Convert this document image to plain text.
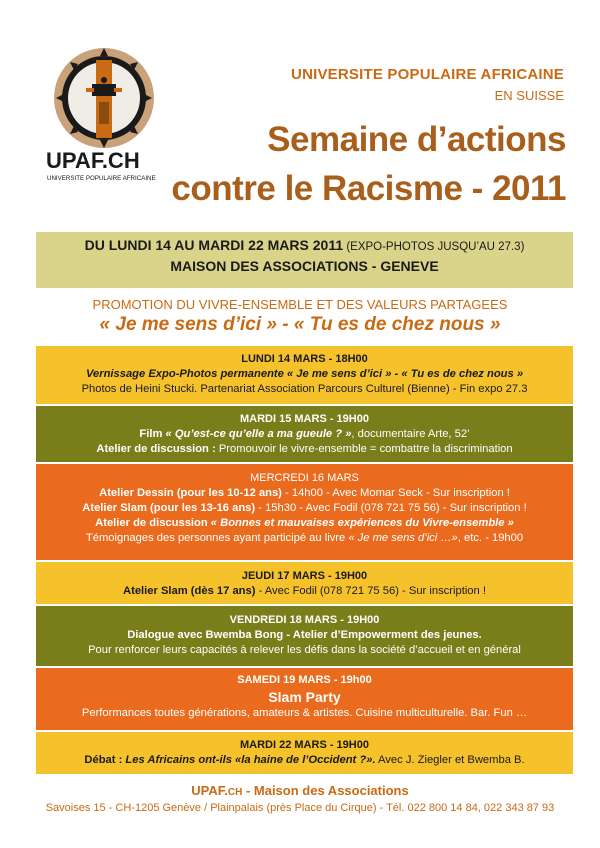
UPAF.CH
UNIVERSITE POPULAIRE AFRICAINE
UNIVERSITE POPULAIRE AFRICAINE
EN SUISSE
Semaine d’actions
contre le Racisme - 2011
DU LUNDI 14 AU MARDI 22 MARS 2011 (EXPO-PHOTOS JUSQU’AU 27.3)
MAISON DES ASSOCIATIONS - GENEVE
PROMOTION DU VIVRE-ENSEMBLE ET DES VALEURS PARTAGEES
« Je me sens d’ici » - « Tu es de chez nous »
LUNDI 14 MARS - 18H00
Vernissage Expo-Photos permanente « Je me sens d’ici » - « Tu es de chez nous »
Photos de Heini Stucki. Partenariat Association Parcours Culturel (Bienne) - Fin expo 27.3
MARDI 15 MARS - 19H00
Film « Qu’est-ce qu’elle a ma gueule ? », documentaire Arte, 52’
Atelier de discussion : Promouvoir le vivre-ensemble = combattre la discrimination
MERCREDI 16 MARS
Atelier Dessin (pour les 10-12 ans) - 14h00 - Avec Momar Seck - Sur inscription !
Atelier Slam (pour les 13-16 ans) - 15h30 - Avec Fodil (078 721 75 56) - Sur inscription !
Atelier de discussion « Bonnes et mauvaises expériences du Vivre-ensemble »
Témoignages des personnes ayant participé au livre « Je me sens d’ici …», etc. - 19h00
JEUDI 17 MARS - 19H00
Atelier Slam (dès 17 ans) - Avec Fodil (078 721 75 56) - Sur inscription !
VENDREDI 18 MARS - 19H00
Dialogue avec Bwemba Bong - Atelier d’Empowerment des jeunes.
Pour renforcer leurs capacités à relever les défis dans la société d’accueil et en général
SAMEDI 19 MARS - 19h00
Slam Party
Performances toutes générations, amateurs & artistes. Cuisine multiculturelle. Bar. Fun …
MARDI 22 MARS - 19H00
Débat : Les Africains ont-ils «la haine de l’Occident ?». Avec J. Ziegler et Bwemba B.
UPAF.CH - Maison des Associations
Savoises 15 - CH-1205 Genève / Plainpalais (près Place du Cirque) - Tél. 022 800 14 84, 022 343 87 93
